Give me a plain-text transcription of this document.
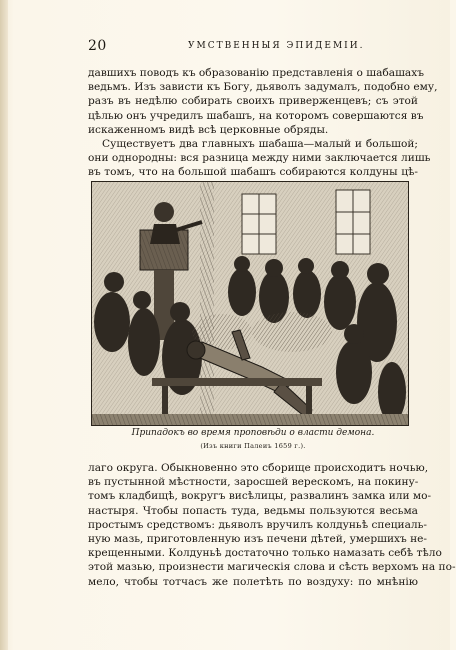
20	УМСТВЕННЫЯ ЭПИДЕМІИ.
давшихъ поводъ къ образованію представленія о шабашахъ
ведьмъ. Изъ зависти къ Богу, дьяволъ задумалъ, подобно ему,
разъ въ недѣлю собирать своихъ приверженцевъ; съ этой
цѣлью онъ учредилъ шабашъ, на которомъ совершаются въ
искаженномъ видѣ всѣ церковные обряды.
Существуетъ два главныхъ шабаша—малый и большой;
они однородны: вся разница между ними заключается лишь
въ томъ, что на большой шабашъ собираются колдуны цѣ-
Припадокъ во время проповѣди о власти демона.
(Изъ книги Палеиъ 1659 г.).
лаго округа. Обыкновенно это сборище происходитъ ночью,
въ пустынной мѣстности, заросшей верескомъ, на покину-
томъ кладбищѣ, вокругъ висѣлицы, развалинъ замка или мо-
настыря. Чтобы попасть туда, ведьмы пользуются весьма
простымъ средствомъ: дьяволъ вручилъ колдуньѣ специаль-
ную мазь, приготовленную изъ печени дѣтей, умершихъ не-
крещенными. Колдуньѣ достаточно только намазать себѣ тѣло
этой мазью, произнести магическія слова и сѣсть верхомъ на по-
мело, чтобы тотчасъ же полетѣть по воздуху: по мнѣнію
